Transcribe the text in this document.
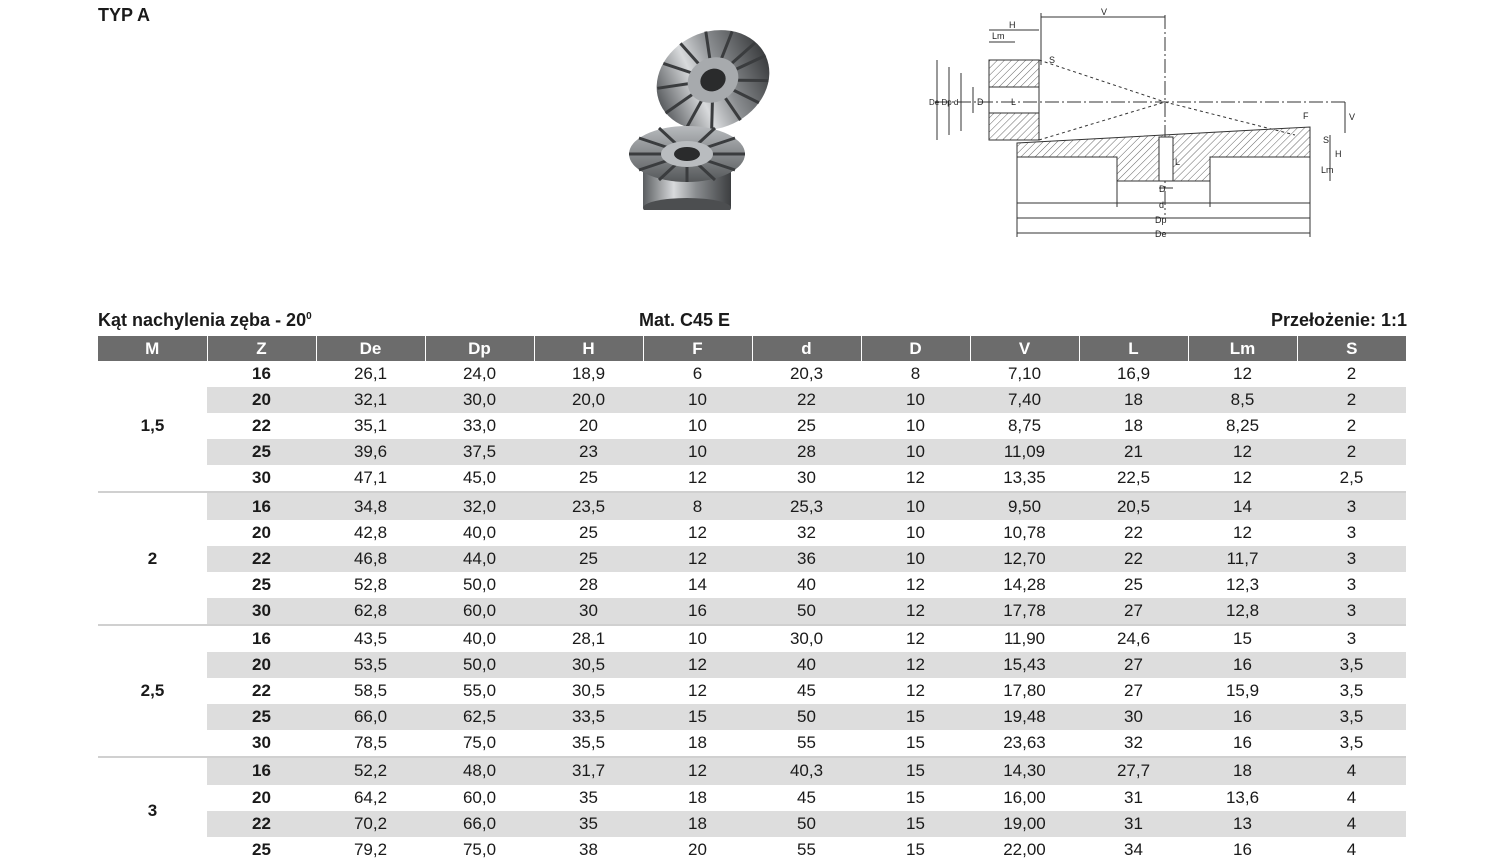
TYP A	V
H
Lm
S
De Dp d D	L
F	V
S
H
Lm
L
D
d
Dp
De
Kąt nachylenia zęba - $20^0$	Mat. C45 E	Przełożenie: 1:1
M	Z	De	Dp	H	F	d	D	V	L	Lm	S
1,5	16	26,1	24,0	18,9	6	20,3	8	7,10	16,9	12	2
	20	32,1	30,0	20,0	10	22	10	7,40	18	8,5	2
	22	35,1	33,0	20	10	25	10	8,75	18	8,25	2
	25	39,6	37,5	23	10	28	10	11,09	21	12	2
	30	47,1	45,0	25	12	30	12	13,35	22,5	12	2,5
2	16	34,8	32,0	23,5	8	25,3	10	9,50	20,5	14	3
	20	42,8	40,0	25	12	32	10	10,78	22	12	3
	22	46,8	44,0	25	12	36	10	12,70	22	11,7	3
	25	52,8	50,0	28	14	40	12	14,28	25	12,3	3
	30	62,8	60,0	30	16	50	12	17,78	27	12,8	3
2,5	16	43,5	40,0	28,1	10	30,0	12	11,90	24,6	15	3
	20	53,5	50,0	30,5	12	40	12	15,43	27	16	3,5
	22	58,5	55,0	30,5	12	45	12	17,80	27	15,9	3,5
	25	66,0	62,5	33,5	15	50	15	19,48	30	16	3,5
	30	78,5	75,0	35,5	18	55	15	23,63	32	16	3,5
3	16	52,2	48,0	31,7	12	40,3	15	14,30	27,7	18	4
	20	64,2	60,0	35	18	45	15	16,00	31	13,6	4
	22	70,2	66,0	35	18	50	15	19,00	31	13	4
	25	79,2	75,0	38	20	55	15	22,00	34	16	4
